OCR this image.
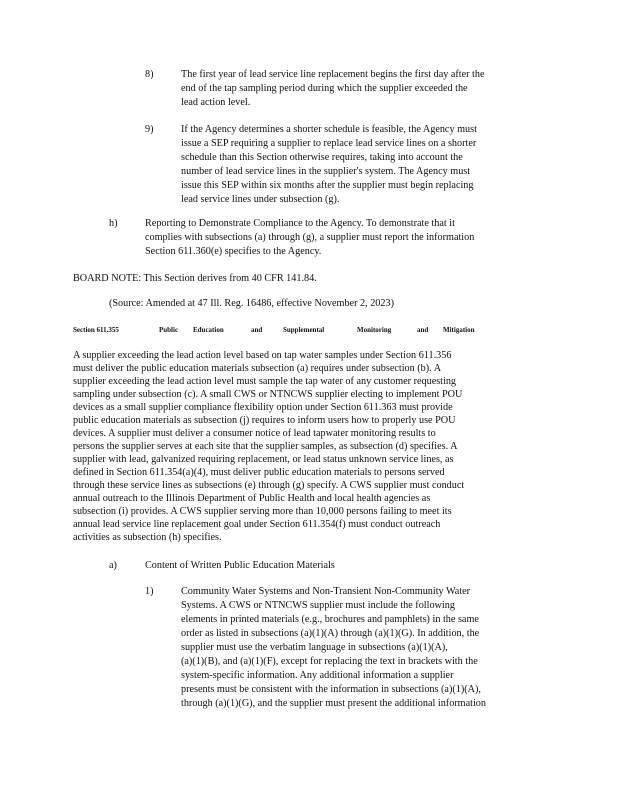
8)	The first year of lead service line replacement begins the first day after the
end of the tap sampling period during which the supplier exceeded the
lead action level.
9)	If the Agency determines a shorter schedule is feasible, the Agency must
issue a SEP requiring a supplier to replace lead service lines on a shorter
schedule than this Section otherwise requires, taking into account the
number of lead service lines in the supplier's system. The Agency must
issue this SEP within six months after the supplier must begin replacing
lead service lines under subsection (g).
h)	Reporting to Demonstrate Compliance to the Agency. To demonstrate that it
complies with subsections (a) through (g), a supplier must report the information
Section 611.360(e) specifies to the Agency.
BOARD NOTE: This Section derives from 40 CFR 141.84.
(Source: Amended at 47 Ill. Reg. 16486, effective November 2, 2023)
Section 611.355	Public Education	and	Supplemental	Monitoring	and Mitigation
A supplier exceeding the lead action level based on tap water samples under Section 611.356
must deliver the public education materials subsection (a) requires under subsection (b). A
supplier exceeding the lead action level must sample the tap water of any customer requesting
sampling under subsection (c). A small CWS or NTNCWS supplier electing to implement POU
devices as a small supplier compliance flexibility option under Section 611.363 must provide
public education materials as subsection (j) requires to inform users how to properly use POU
devices. A supplier must deliver a consumer notice of lead tapwater monitoring results to
persons the supplier serves at each site that the supplier samples, as subsection (d) specifies. A
supplier with lead, galvanized requiring replacement, or lead status unknown service lines, as
defined in Section 611.354(a)(4), must deliver public education materials to persons served
through these service lines as subsections (e) through (g) specify. A CWS supplier must conduct
annual outreach to the Illinois Department of Public Health and local health agencies as
subsection (i) provides. A CWS supplier serving more than 10,000 persons failing to meet its
annual lead service line replacement goal under Section 611.354(f) must conduct outreach
activities as subsection (h) specifies.
a)	Content of Written Public Education Materials
1)	Community Water Systems and Non-Transient Non-Community Water
Systems. A CWS or NTNCWS supplier must include the following
elements in printed materials (e.g., brochures and pamphlets) in the same
order as listed in subsections (a)(1)(A) through (a)(1)(G). In addition, the
supplier must use the verbatim language in subsections (a)(1)(A),
(a)(1)(B), and (a)(1)(F), except for replacing the text in brackets with the
system-specific information. Any additional information a supplier
presents must be consistent with the information in subsections (a)(1)(A),
through (a)(1)(G), and the supplier must present the additional information
